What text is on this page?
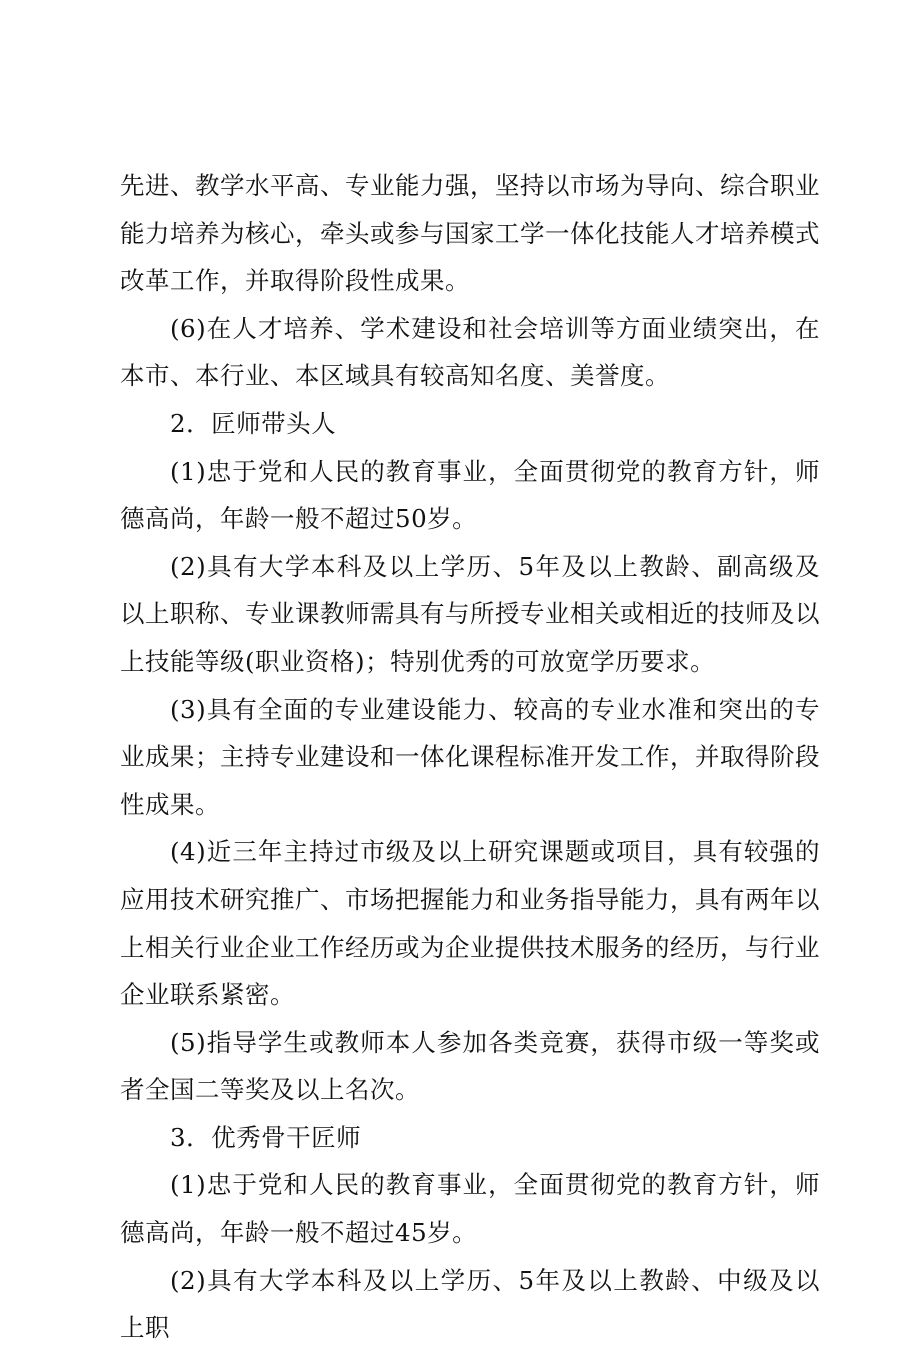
先进、教学水平高、专业能力强，坚持以市场为导向、综合职业能力培养为核心，牵头或参与国家工学一体化技能人才培养模式改革工作，并取得阶段性成果。

(6)在人才培养、学术建设和社会培训等方面业绩突出，在本市、本行业、本区域具有较高知名度、美誉度。

2．匠师带头人

(1)忠于党和人民的教育事业，全面贯彻党的教育方针，师德高尚，年龄一般不超过50岁。

(2)具有大学本科及以上学历、5年及以上教龄、副高级及以上职称、专业课教师需具有与所授专业相关或相近的技师及以上技能等级(职业资格)；特别优秀的可放宽学历要求。

(3)具有全面的专业建设能力、较高的专业水准和突出的专业成果；主持专业建设和一体化课程标准开发工作，并取得阶段性成果。

(4)近三年主持过市级及以上研究课题或项目，具有较强的应用技术研究推广、市场把握能力和业务指导能力，具有两年以上相关行业企业工作经历或为企业提供技术服务的经历，与行业企业联系紧密。

(5)指导学生或教师本人参加各类竞赛，获得市级一等奖或者全国二等奖及以上名次。

3．优秀骨干匠师

(1)忠于党和人民的教育事业，全面贯彻党的教育方针，师德高尚，年龄一般不超过45岁。

(2)具有大学本科及以上学历、5年及以上教龄、中级及以上职
